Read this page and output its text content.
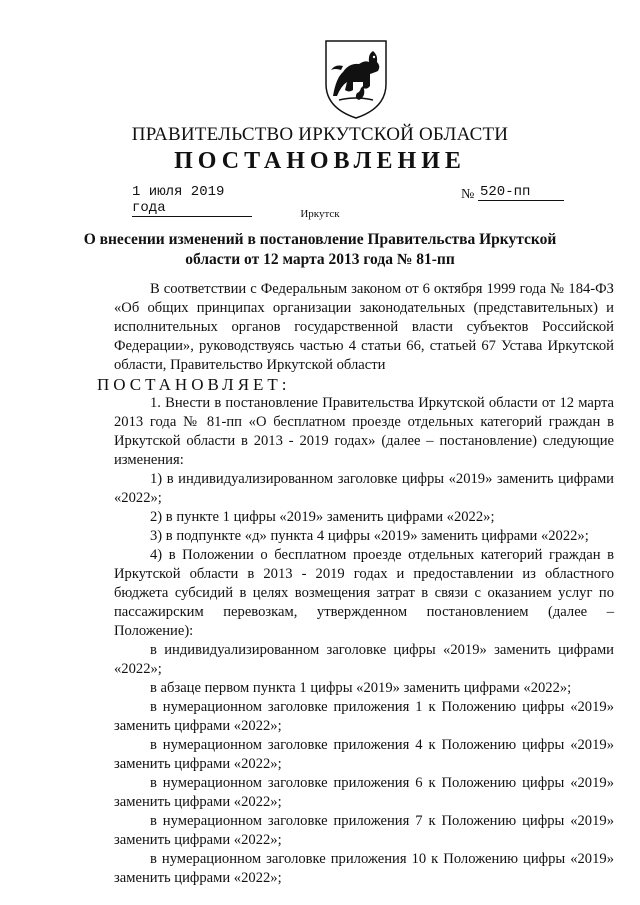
ПРАВИТЕЛЬСТВО ИРКУТСКОЙ ОБЛАСТИ
ПОСТАНОВЛЕНИЕ
1 июля 2019 года
№ 520-пп
Иркутск
О внесении изменений в постановление Правительства Иркутской области от 12 марта 2013 года № 81-пп

В соответствии с Федеральным законом от 6 октября 1999 года № 184-ФЗ «Об общих принципах организации законодательных (представительных) и исполнительных органов государственной власти субъектов Российской Федерации», руководствуясь частью 4 статьи 66, статьей 67 Устава Иркутской области, Правительство Иркутской области

ПОСТАНОВЛЯЕТ:

1. Внести в постановление Правительства Иркутской области от 12 марта 2013 года № 81-пп «О бесплатном проезде отдельных категорий граждан в Иркутской области в 2013 - 2019 годах» (далее – постановление) следующие изменения:

1) в индивидуализированном заголовке цифры «2019» заменить цифрами «2022»;

2) в пункте 1 цифры «2019» заменить цифрами «2022»;

3) в подпункте «д» пункта 4 цифры «2019» заменить цифрами «2022»;

4) в Положении о бесплатном проезде отдельных категорий граждан в Иркутской области в 2013 - 2019 годах и предоставлении из областного бюджета субсидий в целях возмещения затрат в связи с оказанием услуг по пассажирским перевозкам, утвержденном постановлением (далее – Положение):

в индивидуализированном заголовке цифры «2019» заменить цифрами «2022»;

в абзаце первом пункта 1 цифры «2019» заменить цифрами «2022»;

в нумерационном заголовке приложения 1 к Положению цифры «2019» заменить цифрами «2022»;

в нумерационном заголовке приложения 4 к Положению цифры «2019» заменить цифрами «2022»;

в нумерационном заголовке приложения 6 к Положению цифры «2019» заменить цифрами «2022»;

в нумерационном заголовке приложения 7 к Положению цифры «2019» заменить цифрами «2022»;

в нумерационном заголовке приложения 10 к Положению цифры «2019» заменить цифрами «2022»;
